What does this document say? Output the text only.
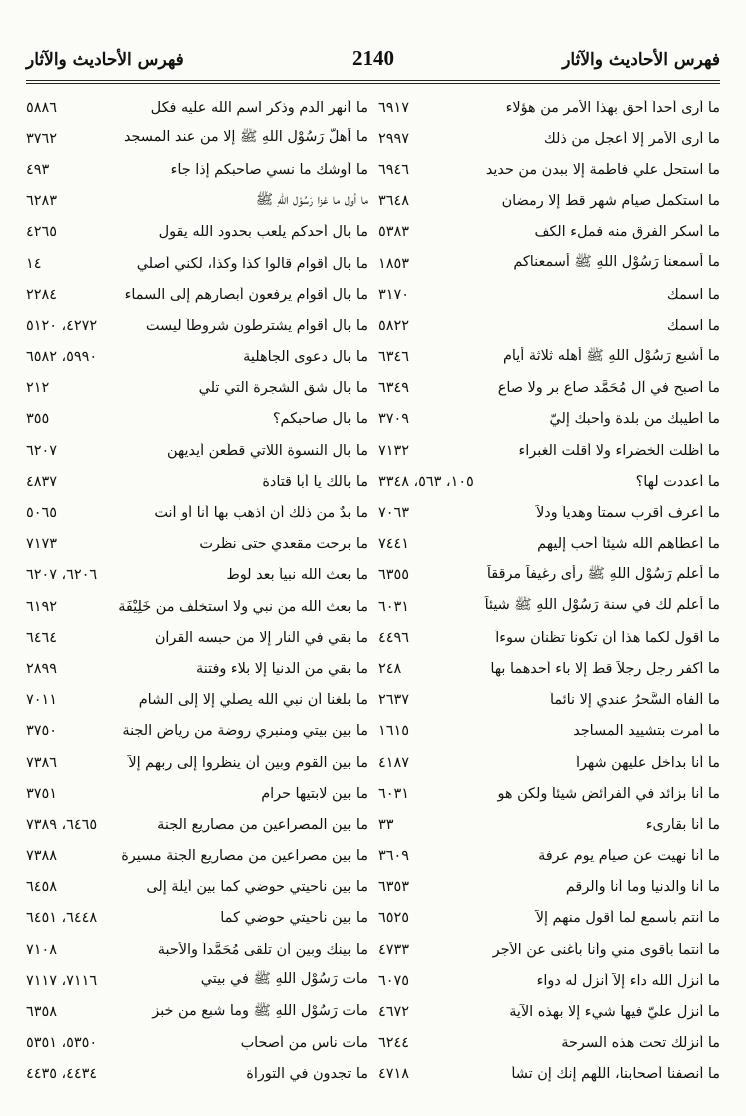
فهرس الأحاديث والآثار
2140
فهرس الأحاديث والآثار
ما أرى أحداً أحق بهذا الأمر من هؤلاء
٦٩١٧
ما أرى الأمر إلا أعجل من ذلك
٢٩٩٧
ما استحل علي فاطمة إلا ببدن من حديد
٦٩٤٦
ما استكمل صيام شهر قط إلا رمضان
٣٦٤٨
ما أسكر الفرق منه فملء الكف
٥٣٨٣
ما أسمعنا رَسُوْل اللهِ ﷺ أسمعناكم
١٨٥٣
ما اسمك
٣١٧٠
ما اسمك
٥٨٢٢
ما أشبع رَسُوْل اللهِ ﷺ أهله ثلاثة أيام
٦٣٤٦
ما أصبح في آل مُحَمَّد صاع بر ولا صاع
٦٣٤٩
ما أطيبك من بلدة وأحبك إليّ
٣٧٠٩
ما أظلت الخضراء ولا أقلت الغبراء
٧١٣٢
ما أعددت لها؟
١٠٥، ٥٦٣، ٣٣٤٨
ما أعرف أقرب سمتاً وهدياً ودلاً
٧٠٦٣
ما أعطاهم الله شيئاً أحب إليهم
٧٤٤١
ما أعلم رَسُوْل اللهِ ﷺ رأى رغيفاً مرققاً
٦٣٥٥
ما أعلم لك في سنة رَسُوْل اللهِ ﷺ شيئاً
٦٠٣١
ما أقول لكما هذا أن تكونا تظنان سوءاً
٤٤٩٦
ما أكفر رجل رجلاً قط إلا باء أحدهما بها
٢٤٨
ما ألفاه السَّحرُ عندي إلا نائماً
٢٦٣٧
ما أمرت بتشييد المساجد
١٦١٥
ما أنا بداخل عليهن شهراً
٤١٨٧
ما أنا بزائد في الفرائض شيئاً ولكن هو
٦٠٣١
ما أنا بقارىء
٣٣
ما أنا نهيت عن صيام يوم عرفة
٣٦٠٩
ما أنا والدنيا وما أنا والرقم
٦٣٥٣
ما أنتم بأسمع لما أقول منهم إلاّ
٦٥٢٥
ما أنتما بأقوى مني وأنا بأغنى عن الأجر
٤٧٣٣
ما أنزل الله داء إلاّ أنزل له دواء
٦٠٧٥
ما أنزل عليّ فيها شيء إلا بهذه الآية
٤٦٧٢
ما أنزلك تحت هذه السرحة
٦٢٤٤
ما أنصفنا أصحابنا، اللّهم إنك إن تشأ
٤٧١٨
ما أنهر الدم وذكر اسم الله عليه فكل
٥٨٨٦
ما أهلّ رَسُوْل اللهِ ﷺ إلا من عند المسجد
٣٧٦٢
ما أوشك ما نسي صاحبكم إذا جاء
٤٩٣
ما أول ما غزا رَسُوْل اللهِ ﷺ
٦٢٨٣
ما بال أحدكم يلعب بحدود الله يقول
٤٢٦٥
ما بال أقوام قالوا كذا وكذا، لكني أصلي
١٤
ما بال أقوام يرفعون أبصارهم إلى السماء
٢٢٨٤
ما بال أقوام يشترطون شروطاً ليست
٤٢٧٢، ٥١٢٠
ما بال دعوى الجاهلية
٥٩٩٠، ٦٥٨٢
ما بال شق الشجرة التي تلي
٢١٢
ما بال صاحبكم؟
٣٥٥
ما بال النسوة اللاتي قطّعن أيديهن
٦٢٠٧
ما بالك يا أبا قتادة
٤٨٣٧
ما بدٌ من ذلك أن اذهب بها أنا أو أنت
٥٠٦٥
ما برحت مقعدي حتى نظرت
٧١٧٣
ما بعث الله نبياً بعد لوط
٦٢٠٦، ٦٢٠٧
ما بعث الله من نبي ولا استخلف من خَلِيْفَة
٦١٩٢
ما بقي في النار إلا من حبسه القرآن
٦٤٦٤
ما بقي من الدنيا إلا بلاء وفتنة
٢٨٩٩
ما بلغنا أن نبي الله يصلّي إلا إلى الشام
٧٠١١
ما بين بيتي ومنبري روضة من رياض الجنة
٣٧٥٠
ما بين القوم وبين أن ينظروا إلى ربهم إلاّ
٧٣٨٦
ما بين لابتيها حرام
٣٧٥١
ما بين المصراعين من مصاريع الجنة
٦٤٦٥، ٧٣٨٩
ما بين مصراعين من مصاريع الجنة مسيرة
٧٣٨٨
ما بين ناحيتي حوضي كما بين أيلة إلى
٦٤٥٨
ما بين ناحيتي حوضي كما
٦٤٤٨، ٦٤٥١
ما بينك وبين أن تلقى مُحَمَّداً والأحبة
٧١٠٨
مات رَسُوْل اللهِ ﷺ في بيتي
٧١١٦، ٧١١٧
مات رَسُوْل اللهِ ﷺ وما شبع من خبز
٦٣٥٨
مات ناس من أصحاب
٥٣٥٠، ٥٣٥١
ما تجدون في التوراة
٤٤٣٤، ٤٤٣٥
